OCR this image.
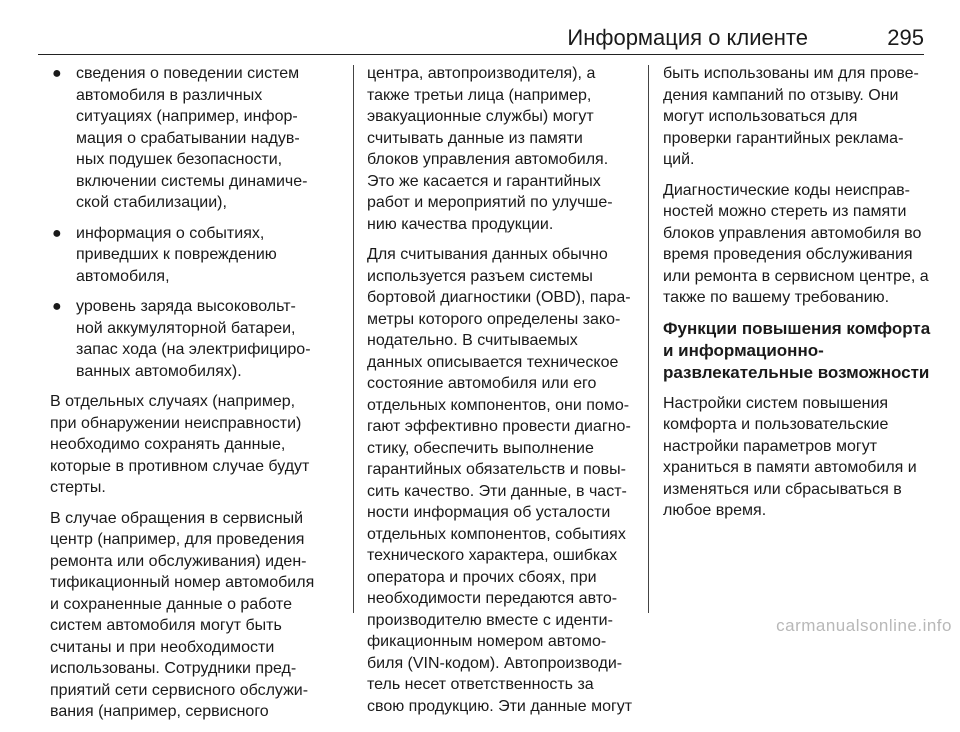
Информация о клиенте	295
● сведения о поведении систем
автомобиля в различных
ситуациях (например, инфор-
мация о срабатывании надув-
ных подушек безопасности,
включении системы динамиче-
ской стабилизации),
● информация о событиях,
приведших к повреждению
автомобиля,
● уровень заряда высоковольт-
ной аккумуляторной батареи,
запас хода (на электрифициро-
ванных автомобилях).
В отдельных случаях (например,
при обнаружении неисправности)
необходимо сохранять данные,
которые в противном случае будут
стерты.
В случае обращения в сервисный
центр (например, для проведения
ремонта или обслуживания) иден-
тификационный номер автомобиля
и сохраненные данные о работе
систем автомобиля могут быть
считаны и при необходимости
использованы. Сотрудники пред-
приятий сети сервисного обслужи-
вания (например, сервисного
центра, автопроизводителя), а
также третьи лица (например,
эвакуационные службы) могут
считывать данные из памяти
блоков управления автомобиля.
Это же касается и гарантийных
работ и мероприятий по улучше-
нию качества продукции.
Для считывания данных обычно
используется разъем системы
бортовой диагностики (OBD), пара-
метры которого определены зако-
нодательно. В считываемых
данных описывается техническое
состояние автомобиля или его
отдельных компонентов, они помо-
гают эффективно провести диагно-
стику, обеспечить выполнение
гарантийных обязательств и повы-
сить качество. Эти данные, в част-
ности информация об усталости
отдельных компонентов, событиях
технического характера, ошибках
оператора и прочих сбоях, при
необходимости передаются авто-
производителю вместе с иденти-
фикационным номером автомо-
биля (VIN-кодом). Автопроизводи-
тель несет ответственность за
свою продукцию. Эти данные могут
быть использованы им для прове-
дения кампаний по отзыву. Они
могут использоваться для
проверки гарантийных реклама-
ций.
Диагностические коды неисправ-
ностей можно стереть из памяти
блоков управления автомобиля во
время проведения обслуживания
или ремонта в сервисном центре, а
также по вашему требованию.
Функции повышения комфорта
и информационно-
развлекательные возможности
Настройки систем повышения
комфорта и пользовательские
настройки параметров могут
храниться в памяти автомобиля и
изменяться или сбрасываться в
любое время.
carmanualsonline.info
